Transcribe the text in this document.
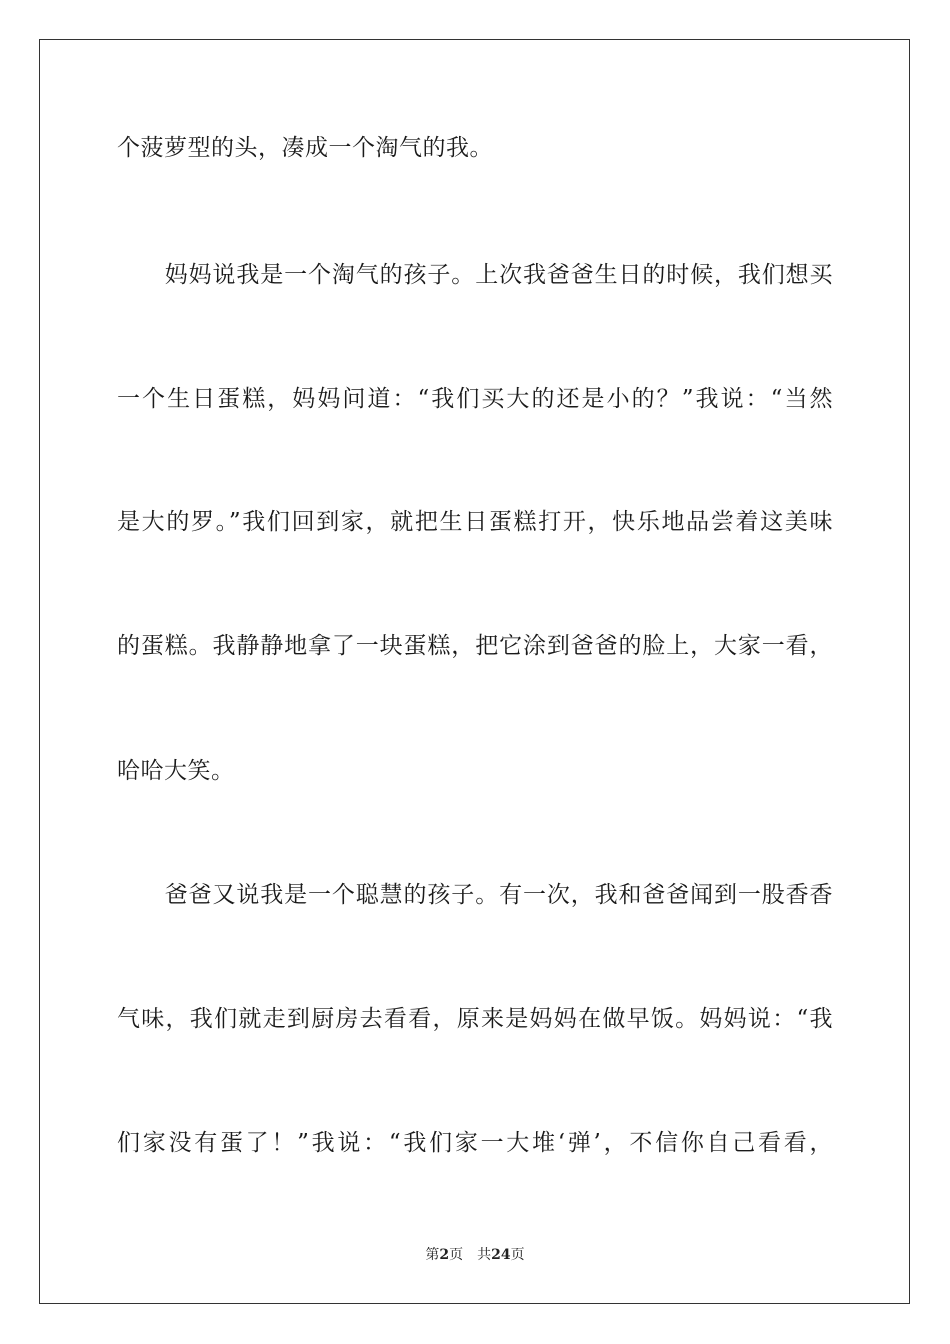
个菠萝型的头，凑成一个淘气的我。
　　妈妈说我是一个淘气的孩子。上次我爸爸生日的时候，我们想买
一个生日蛋糕，妈妈问道：“我们买大的还是小的？”我说：“当然
是大的罗。”我们回到家，就把生日蛋糕打开，快乐地品尝着这美味
的蛋糕。我静静地拿了一块蛋糕，把它涂到爸爸的脸上，大家一看，
哈哈大笑。
　　爸爸又说我是一个聪慧的孩子。有一次，我和爸爸闻到一股香香
气味，我们就走到厨房去看看，原来是妈妈在做早饭。妈妈说：“我
们家没有蛋了！”我说：“我们家一大堆‘弹’，不信你自己看看，
第2页 共24页
